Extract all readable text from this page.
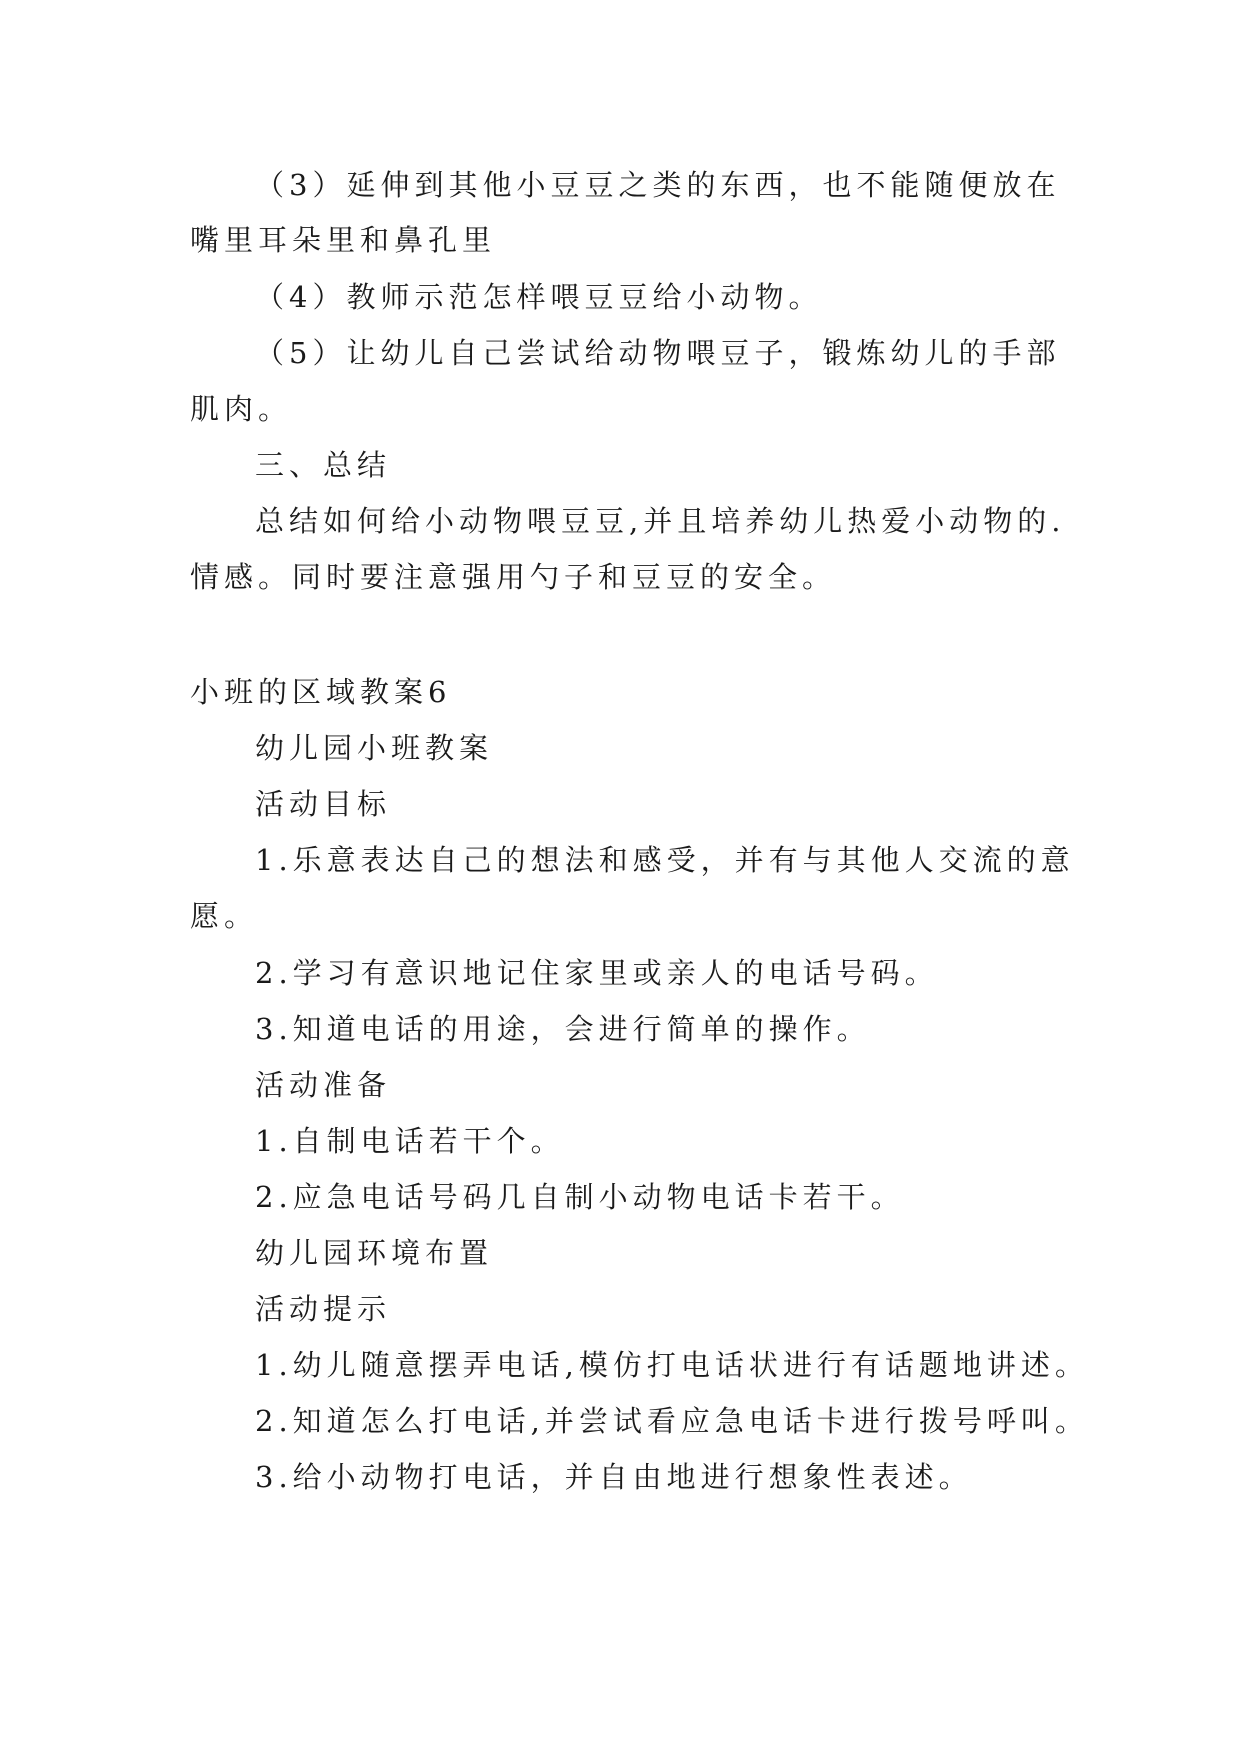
（3）延伸到其他小豆豆之类的东西，也不能随便放在
嘴里耳朵里和鼻孔里
（4）教师示范怎样喂豆豆给小动物。
（5）让幼儿自己尝试给动物喂豆子，锻炼幼儿的手部
肌肉。
三、总结
总结如何给小动物喂豆豆,并且培养幼儿热爱小动物的.
情感。同时要注意强用勺子和豆豆的安全。
小班的区域教案6
幼儿园小班教案
活动目标
1.乐意表达自己的想法和感受，并有与其他人交流的意
愿。
2.学习有意识地记住家里或亲人的电话号码。
3.知道电话的用途，会进行简单的操作。
活动准备
1.自制电话若干个。
2.应急电话号码几自制小动物电话卡若干。
幼儿园环境布置
活动提示
1.幼儿随意摆弄电话,模仿打电话状进行有话题地讲述。
2.知道怎么打电话,并尝试看应急电话卡进行拨号呼叫。
3.给小动物打电话，并自由地进行想象性表述。
